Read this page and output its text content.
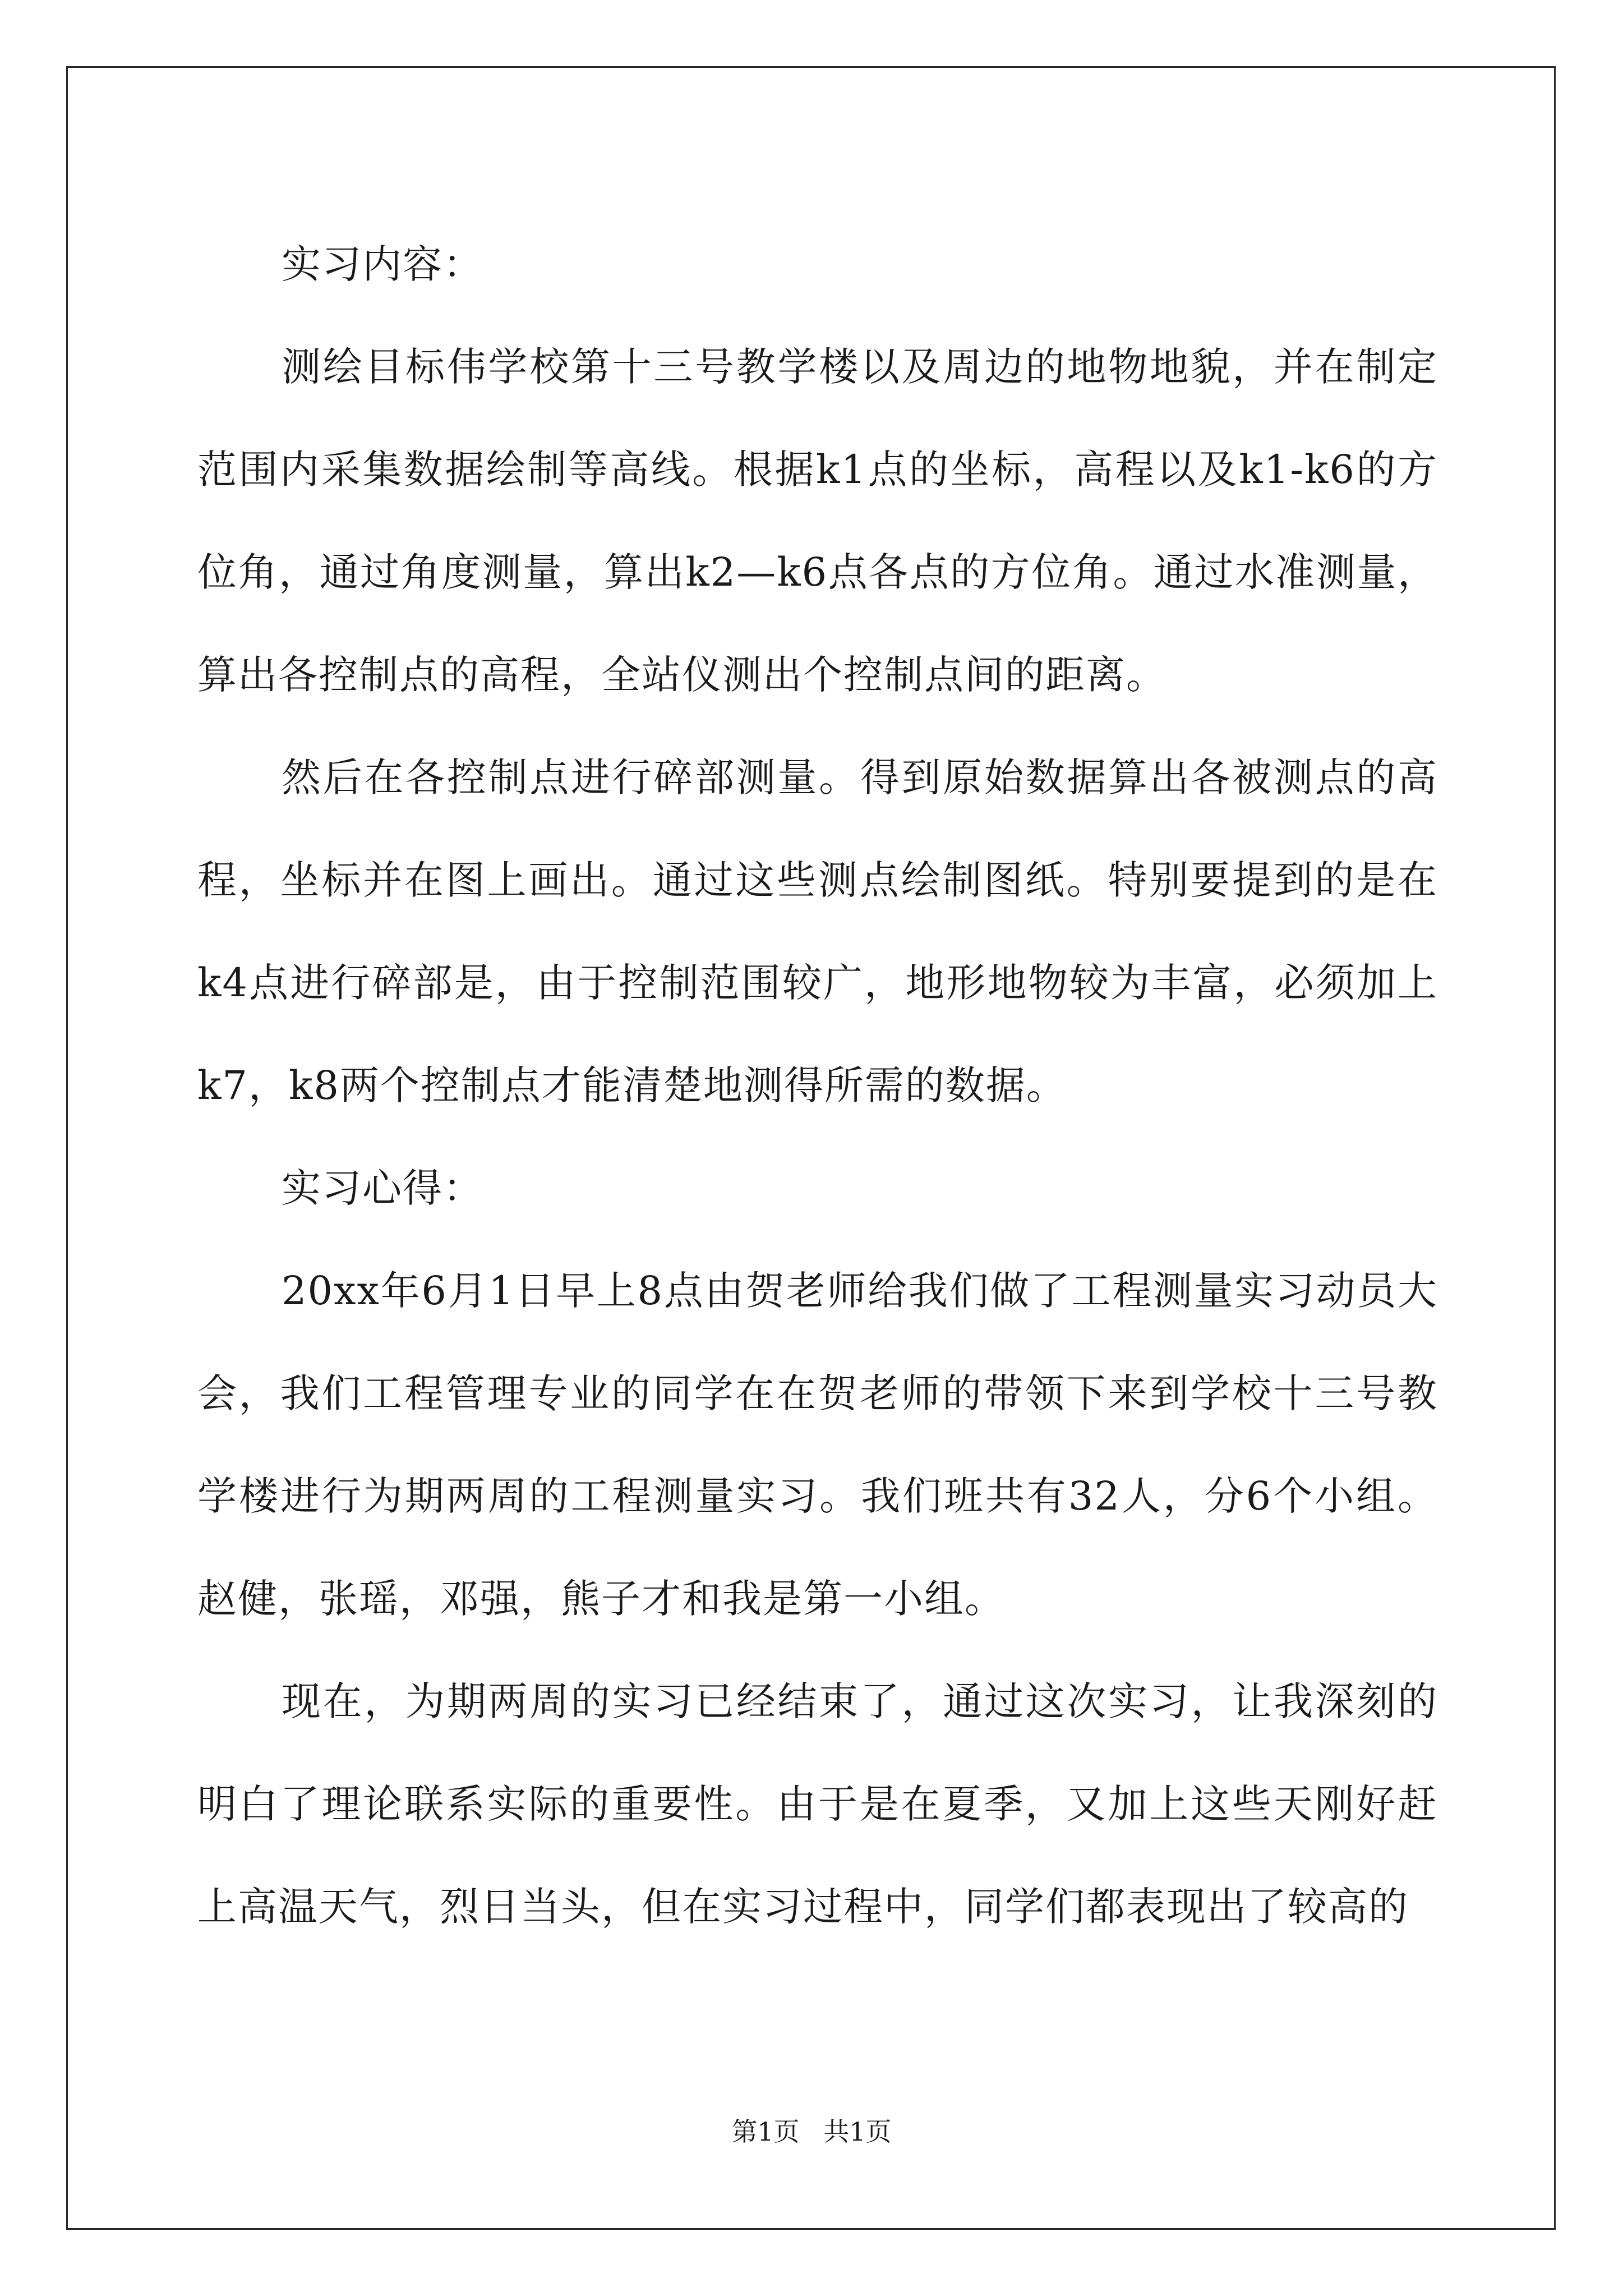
实习内容：

测绘目标伟学校第十三号教学楼以及周边的地物地貌，并在制定范围内采集数据绘制等高线。根据k1点的坐标，高程以及k1-k6的方位角，通过角度测量，算出k2—k6点各点的方位角。通过水准测量，算出各控制点的高程，全站仪测出个控制点间的距离。

然后在各控制点进行碎部测量。得到原始数据算出各被测点的高程，坐标并在图上画出。通过这些测点绘制图纸。特别要提到的是在k4点进行碎部是，由于控制范围较广，地形地物较为丰富，必须加上k7，k8两个控制点才能清楚地测得所需的数据。

实习心得：

20xx年6月1日早上8点由贺老师给我们做了工程测量实习动员大会，我们工程管理专业的同学在在贺老师的带领下来到学校十三号教学楼进行为期两周的工程测量实习。我们班共有32人，分6个小组。赵健，张瑶，邓强，熊子才和我是第一小组。

现在，为期两周的实习已经结束了，通过这次实习，让我深刻的明白了理论联系实际的重要性。由于是在夏季，又加上这些天刚好赶上高温天气，烈日当头，但在实习过程中，同学们都表现出了较高的

第1页 共1页
